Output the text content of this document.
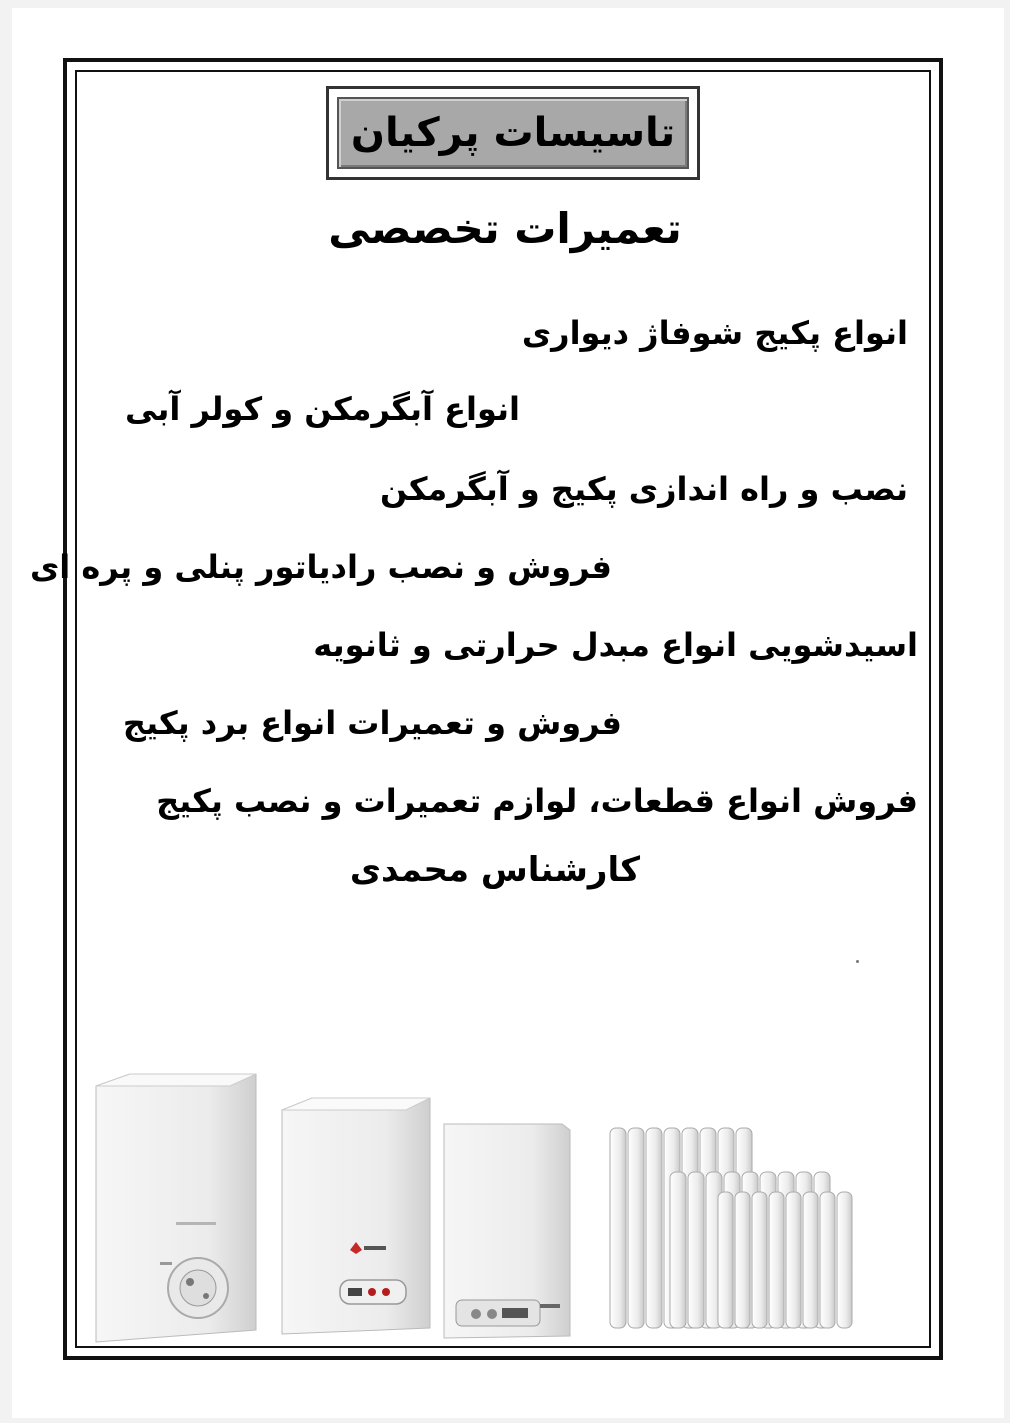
تاسیسات پرکیان
تعمیرات تخصصی
انواع پکیج شوفاژ دیواری
انواع آبگرمکن و کولر آبی
نصب و راه اندازی پکیج و آبگرمکن
فروش و نصب رادیاتور پنلی و پره ای
اسیدشویی انواع مبدل حرارتی و ثانویه
فروش و تعمیرات انواع برد پکیج
فروش انواع قطعات، لوازم تعمیرات و نصب پکیج
کارشناس محمدی
